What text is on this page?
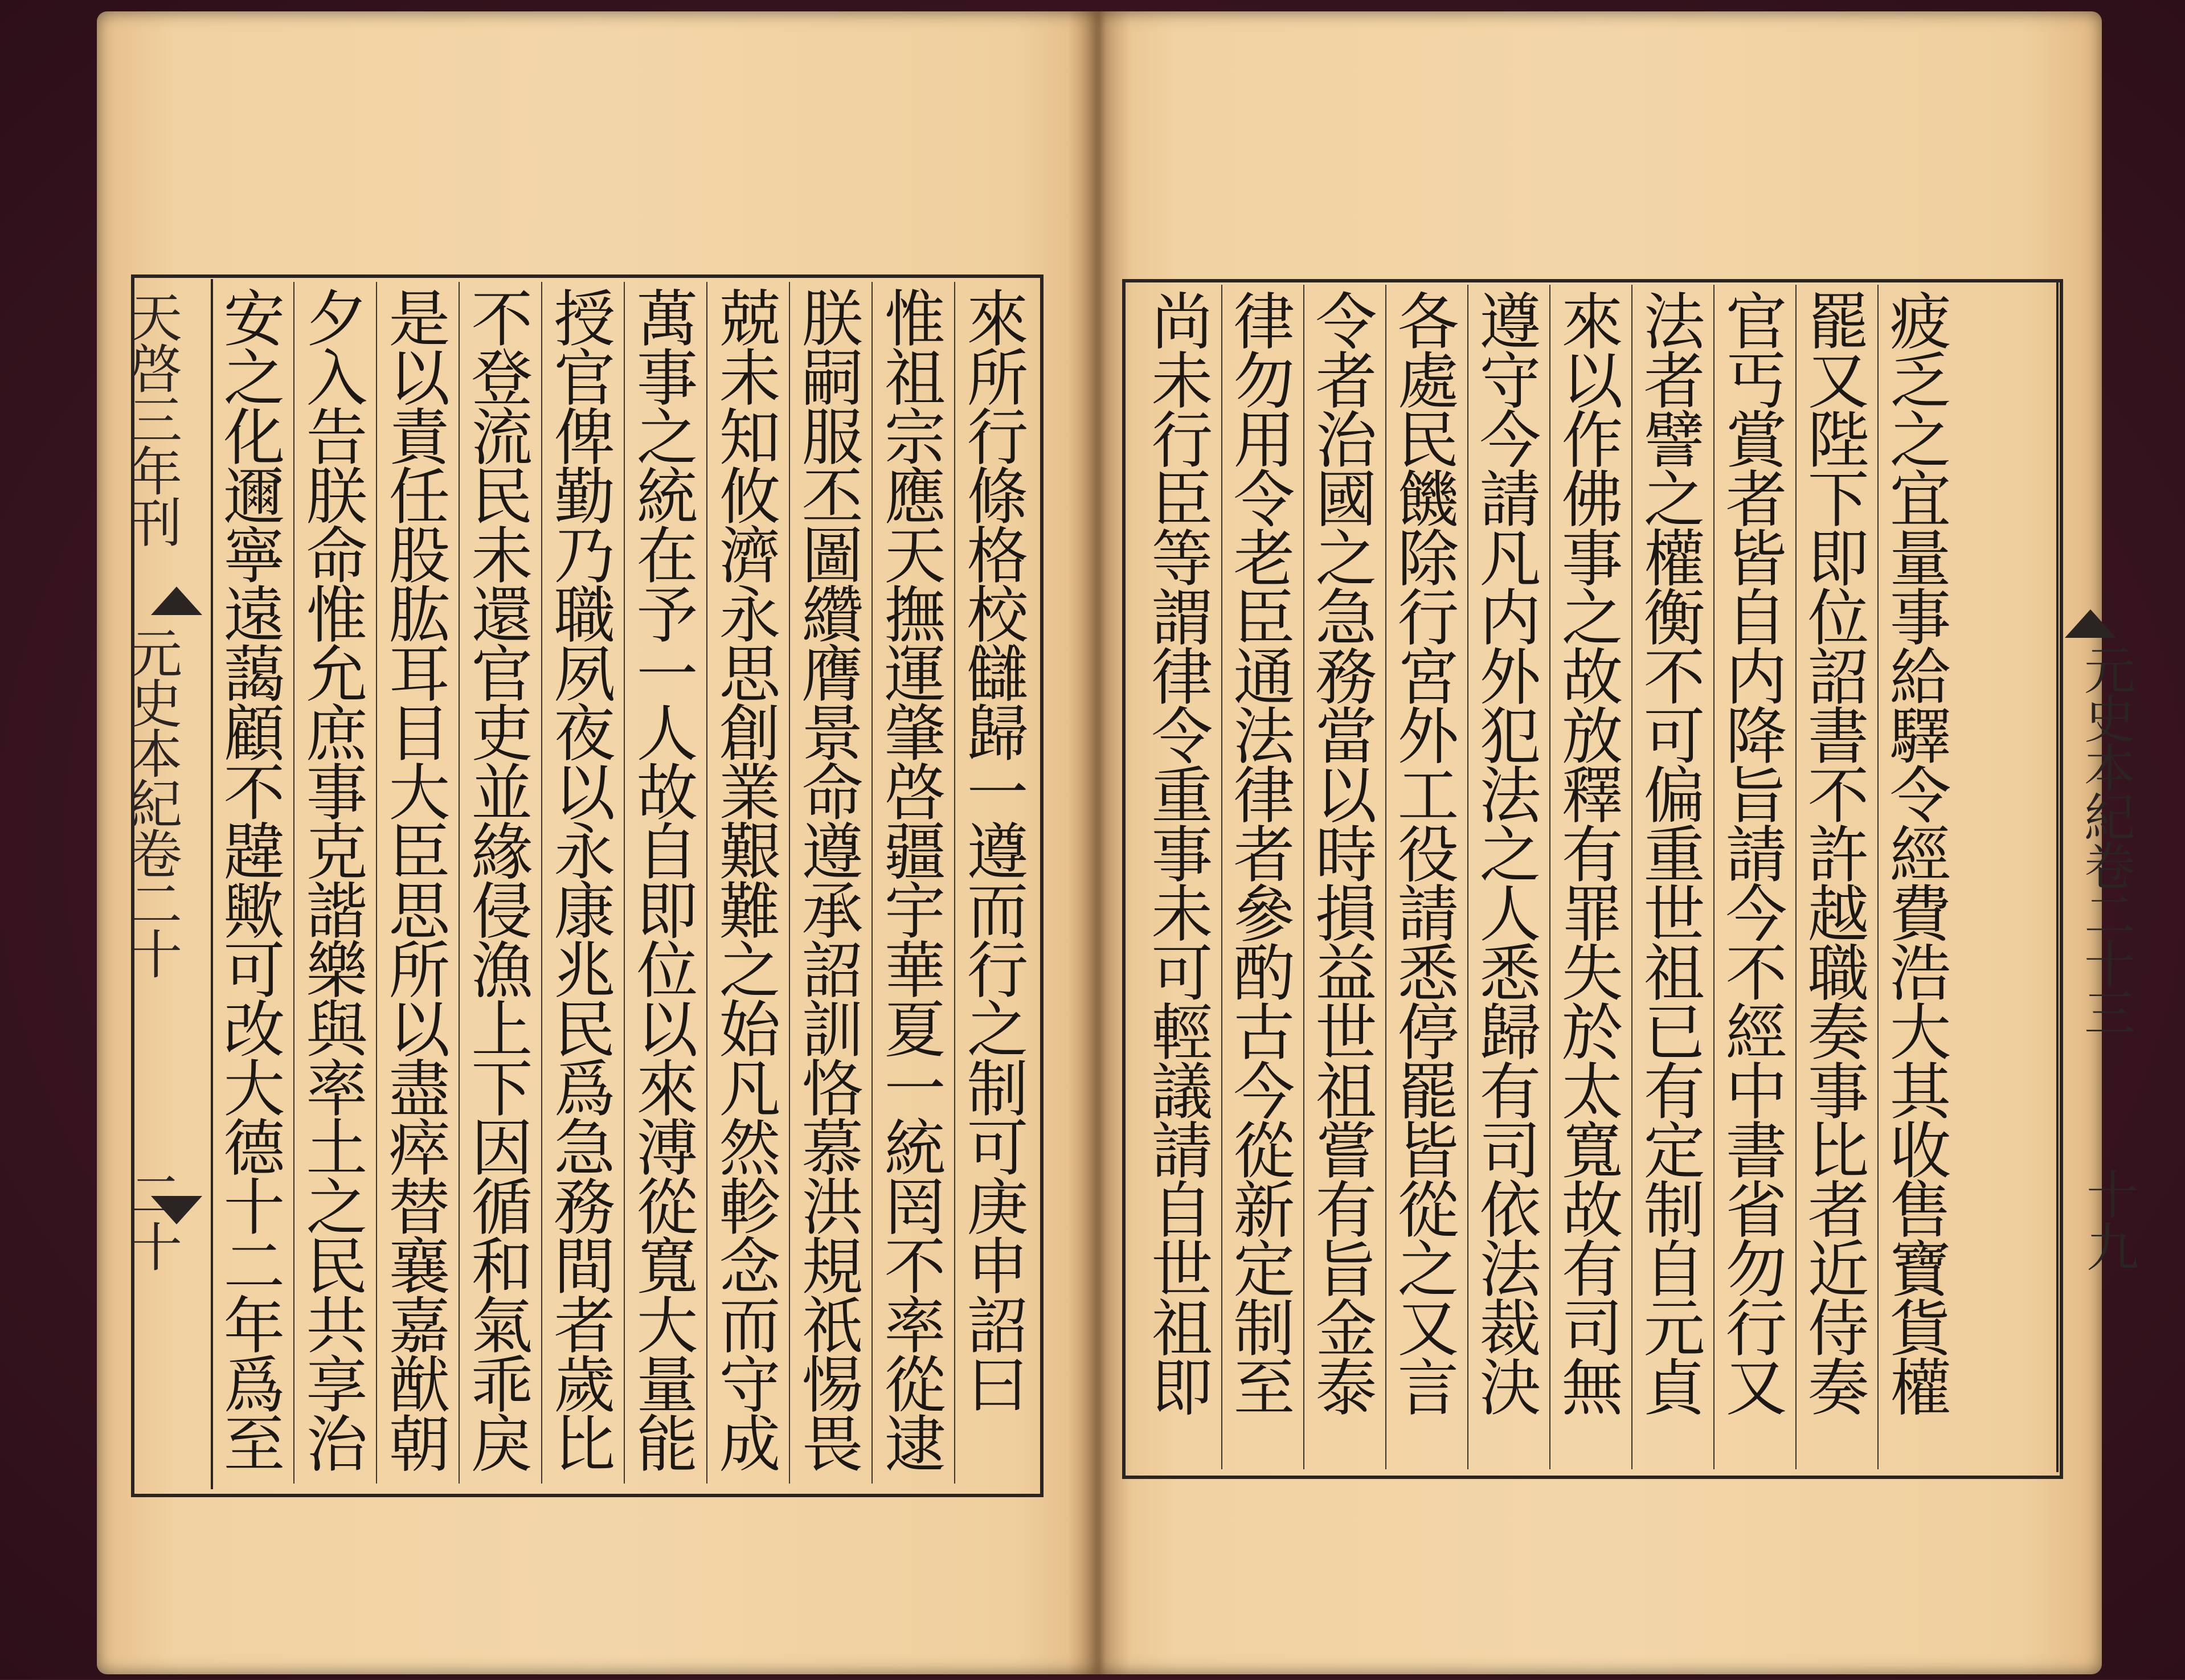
天啓三年刊
元史本紀卷二十
二十	來所行條格校讎歸一遵而行之制可庚申詔曰
惟祖宗應天撫運肇啓疆宇華夏一統罔不率從逮
朕嗣服丕圖纘膺景命遵承詔訓恪慕洪規祇惕畏
兢未知攸濟永思創業艱難之始凡然軫念而守成
萬事之統在予一人故自即位以來溥從寬大量能
授官俾勤乃職夙夜以永康兆民爲急務間者歲比
不登流民未還官吏並緣侵漁上下因循和氣乖戾
是以責任股肱耳目大臣思所以盡瘁替襄嘉猷朝
夕入告朕命惟允庶事克諧樂與率土之民共享治
安之化邇寧遠藹顧不韙歟可改大德十二年爲至	元史本紀卷二十三
十九
疲乏之宜量事給驛令經費浩大其收售寶貨權
罷又陛下即位詔書不許越職奏事比者近侍奏
官丐賞者皆自内降旨請今不經中書省勿行又
法者譬之權衡不可偏重世祖已有定制自元貞
來以作佛事之故放釋有罪失於太寬故有司無
遵守今請凡内外犯法之人悉歸有司依法裁決
各處民饑除行宮外工役請悉停罷皆從之又言
令者治國之急務當以時損益世祖嘗有旨金泰
律勿用令老臣通法律者參酌古今從新定制至
尚未行臣等謂律令重事未可輕議請自世祖即
